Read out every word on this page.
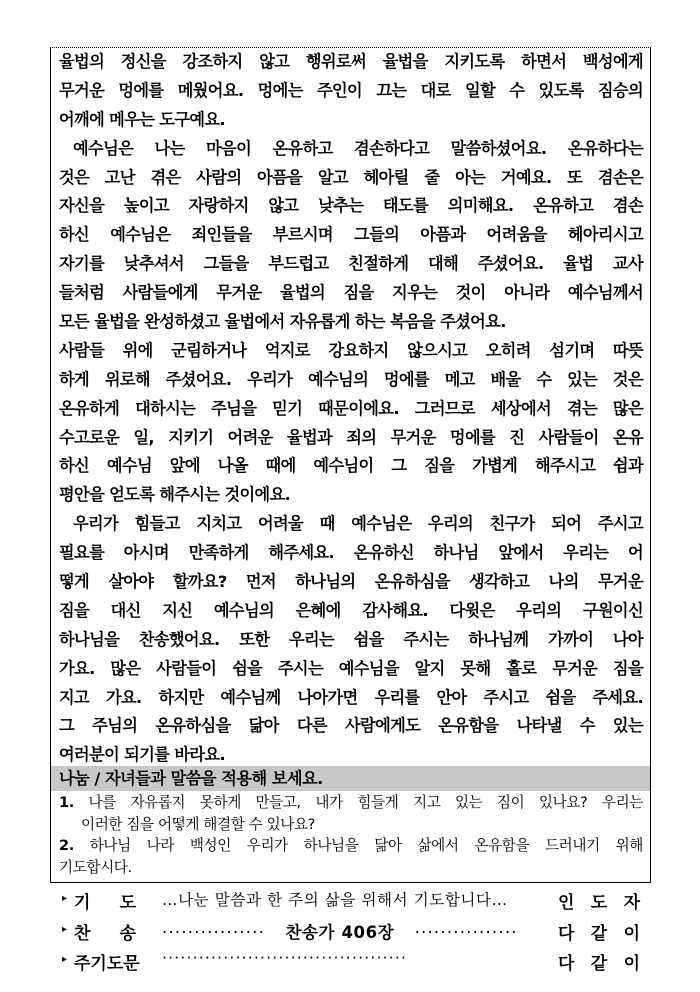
율법의 정신을 강조하지 않고 행위로써 율법을 지키도록 하면서 백성에게
무거운 멍에를 메웠어요. 멍에는 주인이 끄는 대로 일할 수 있도록 짐승의
어깨에 메우는 도구예요.
예수님은 나는 마음이 온유하고 겸손하다고 말씀하셨어요. 온유하다는
것은 고난 겪은 사람의 아픔을 알고 헤아릴 줄 아는 거예요. 또 겸손은
자신을 높이고 자랑하지 않고 낮추는 태도를 의미해요. 온유하고 겸손
하신 예수님은 죄인들을 부르시며 그들의 아픔과 어려움을 헤아리시고
자기를 낮추셔서 그들을 부드럽고 친절하게 대해 주셨어요. 율법 교사
들처럼 사람들에게 무거운 율법의 짐을 지우는 것이 아니라 예수님께서
모든 율법을 완성하셨고 율법에서 자유롭게 하는 복음을 주셨어요.
사람들 위에 군림하거나 억지로 강요하지 않으시고 오히려 섬기며 따뜻
하게 위로해 주셨어요. 우리가 예수님의 멍에를 메고 배울 수 있는 것은
온유하게 대하시는 주님을 믿기 때문이에요. 그러므로 세상에서 겪는 많은
수고로운 일, 지키기 어려운 율법과 죄의 무거운 멍에를 진 사람들이 온유
하신 예수님 앞에 나올 때에 예수님이 그 짐을 가볍게 해주시고 쉼과
평안을 얻도록 해주시는 것이에요.
우리가 힘들고 지치고 어려울 때 예수님은 우리의 친구가 되어 주시고
필요를 아시며 만족하게 해주세요. 온유하신 하나님 앞에서 우리는 어
떻게 살아야 할까요? 먼저 하나님의 온유하심을 생각하고 나의 무거운
짐을 대신 지신 예수님의 은혜에 감사해요. 다윗은 우리의 구원이신
하나님을 찬송했어요. 또한 우리는 쉼을 주시는 하나님께 가까이 나아
가요. 많은 사람들이 쉼을 주시는 예수님을 알지 못해 홀로 무거운 짐을
지고 가요. 하지만 예수님께 나아가면 우리를 안아 주시고 쉼을 주세요.
그 주님의 온유하심을 닮아 다른 사람에게도 온유함을 나타낼 수 있는
여러분이 되기를 바라요.
나눔 / 자녀들과 말씀을 적용해 보세요.
1. 나를 자유롭지 못하게 만들고, 내가 힘들게 지고 있는 짐이 있나요? 우리는
이러한 짐을 어떻게 해결할 수 있나요?
2. 하나님 나라 백성인 우리가 하나님을 닮아 삶에서 온유함을 드러내기 위해
기도합시다.
▸ 기 도 …나눈 말씀과 한 주의 삶을 위해서 기도합니다…	인 도 자
▸ 찬 송 ················ 찬송가 406장 ················	다 같 이
▸ 주기도문 ········································	다 같 이
